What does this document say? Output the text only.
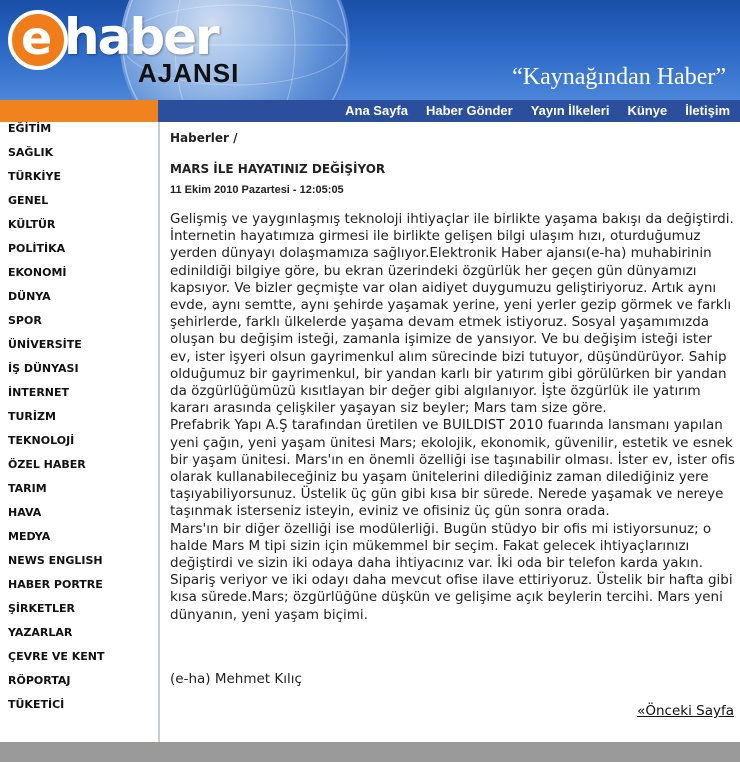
e haber
AJANSI	“Kaynağından Haber”
Ana Sayfa Haber Gönder Yayın İlkeleri Künye İletişim
EĞİTİM
SAĞLIK
TÜRKİYE
GENEL
KÜLTÜR
POLİTİKA
EKONOMİ
DÜNYA
SPOR
ÜNİVERSİTE
İŞ DÜNYASI
İNTERNET
TURİZM
TEKNOLOJİ
ÖZEL HABER
TARIM
HAVA
MEDYA
NEWS ENGLISH
HABER PORTRE
ŞİRKETLER
YAZARLAR
ÇEVRE VE KENT
RÖPORTAJ
TÜKETİCİ
Haberler /
MARS İLE HAYATINIZ DEĞİŞİYOR
11 Ekim 2010 Pazartesi - 12:05:05

Gelişmiş ve yaygınlaşmış teknoloji ihtiyaçlar ile birlikte yaşama bakışı da değiştirdi. İnternetin hayatımıza girmesi ile birlikte gelişen bilgi ulaşım hızı, oturduğumuz yerden dünyayı dolaşmamıza sağlıyor.Elektronik Haber ajansı(e-ha) muhabirinin edinildiği bilgiye göre, bu ekran üzerindeki özgürlük her geçen gün dünyamızı kapsıyor. Ve bizler geçmişte var olan aidiyet duygumuzu geliştiriyoruz. Artık aynı evde, aynı semtte, aynı şehirde yaşamak yerine, yeni yerler gezip görmek ve farklı şehirlerde, farklı ülkelerde yaşama devam etmek istiyoruz. Sosyal yaşamımızda oluşan bu değişim isteği, zamanla işimize de yansıyor. Ve bu değişim isteği ister ev, ister işyeri olsun gayrimenkul alım sürecinde bizi tutuyor, düşündürüyor. Sahip olduğumuz bir gayrimenkul, bir yandan karlı bir yatırım gibi görülürken bir yandan da özgürlüğümüzü kısıtlayan bir değer gibi algılanıyor. İşte özgürlük ile yatırım kararı arasında çelişkiler yaşayan siz beyler; Mars tam size göre.

Prefabrik Yapı A.Ş tarafından üretilen ve BUILDIST 2010 fuarında lansmanı yapılan yeni çağın, yeni yaşam ünitesi Mars; ekolojik, ekonomik, güvenilir, estetik ve esnek bir yaşam ünitesi. Mars'ın en önemli özelliği ise taşınabilir olması. İster ev, ister ofis olarak kullanabileceğiniz bu yaşam ünitelerini dilediğiniz zaman dilediğiniz yere taşıyabiliyorsunuz. Üstelik üç gün gibi kısa bir sürede. Nerede yaşamak ve nereye taşınmak isterseniz isteyin, eviniz ve ofisiniz üç gün sonra orada.

Mars'ın bir diğer özelliği ise modülerliği. Bugün stüdyo bir ofis mi istiyorsunuz; o halde Mars M tipi sizin için mükemmel bir seçim. Fakat gelecek ihtiyaçlarınızı değiştirdi ve sizin iki odaya daha ihtiyacınız var. İki oda bir telefon karda yakın. Sipariş veriyor ve iki odayı daha mevcut ofise ilave ettiriyoruz. Üstelik bir hafta gibi kısa sürede.Mars; özgürlüğüne düşkün ve gelişime açık beylerin tercihi. Mars yeni dünyanın, yeni yaşam biçimi.

(e-ha) Mehmet Kılıç
«Önceki Sayfa
